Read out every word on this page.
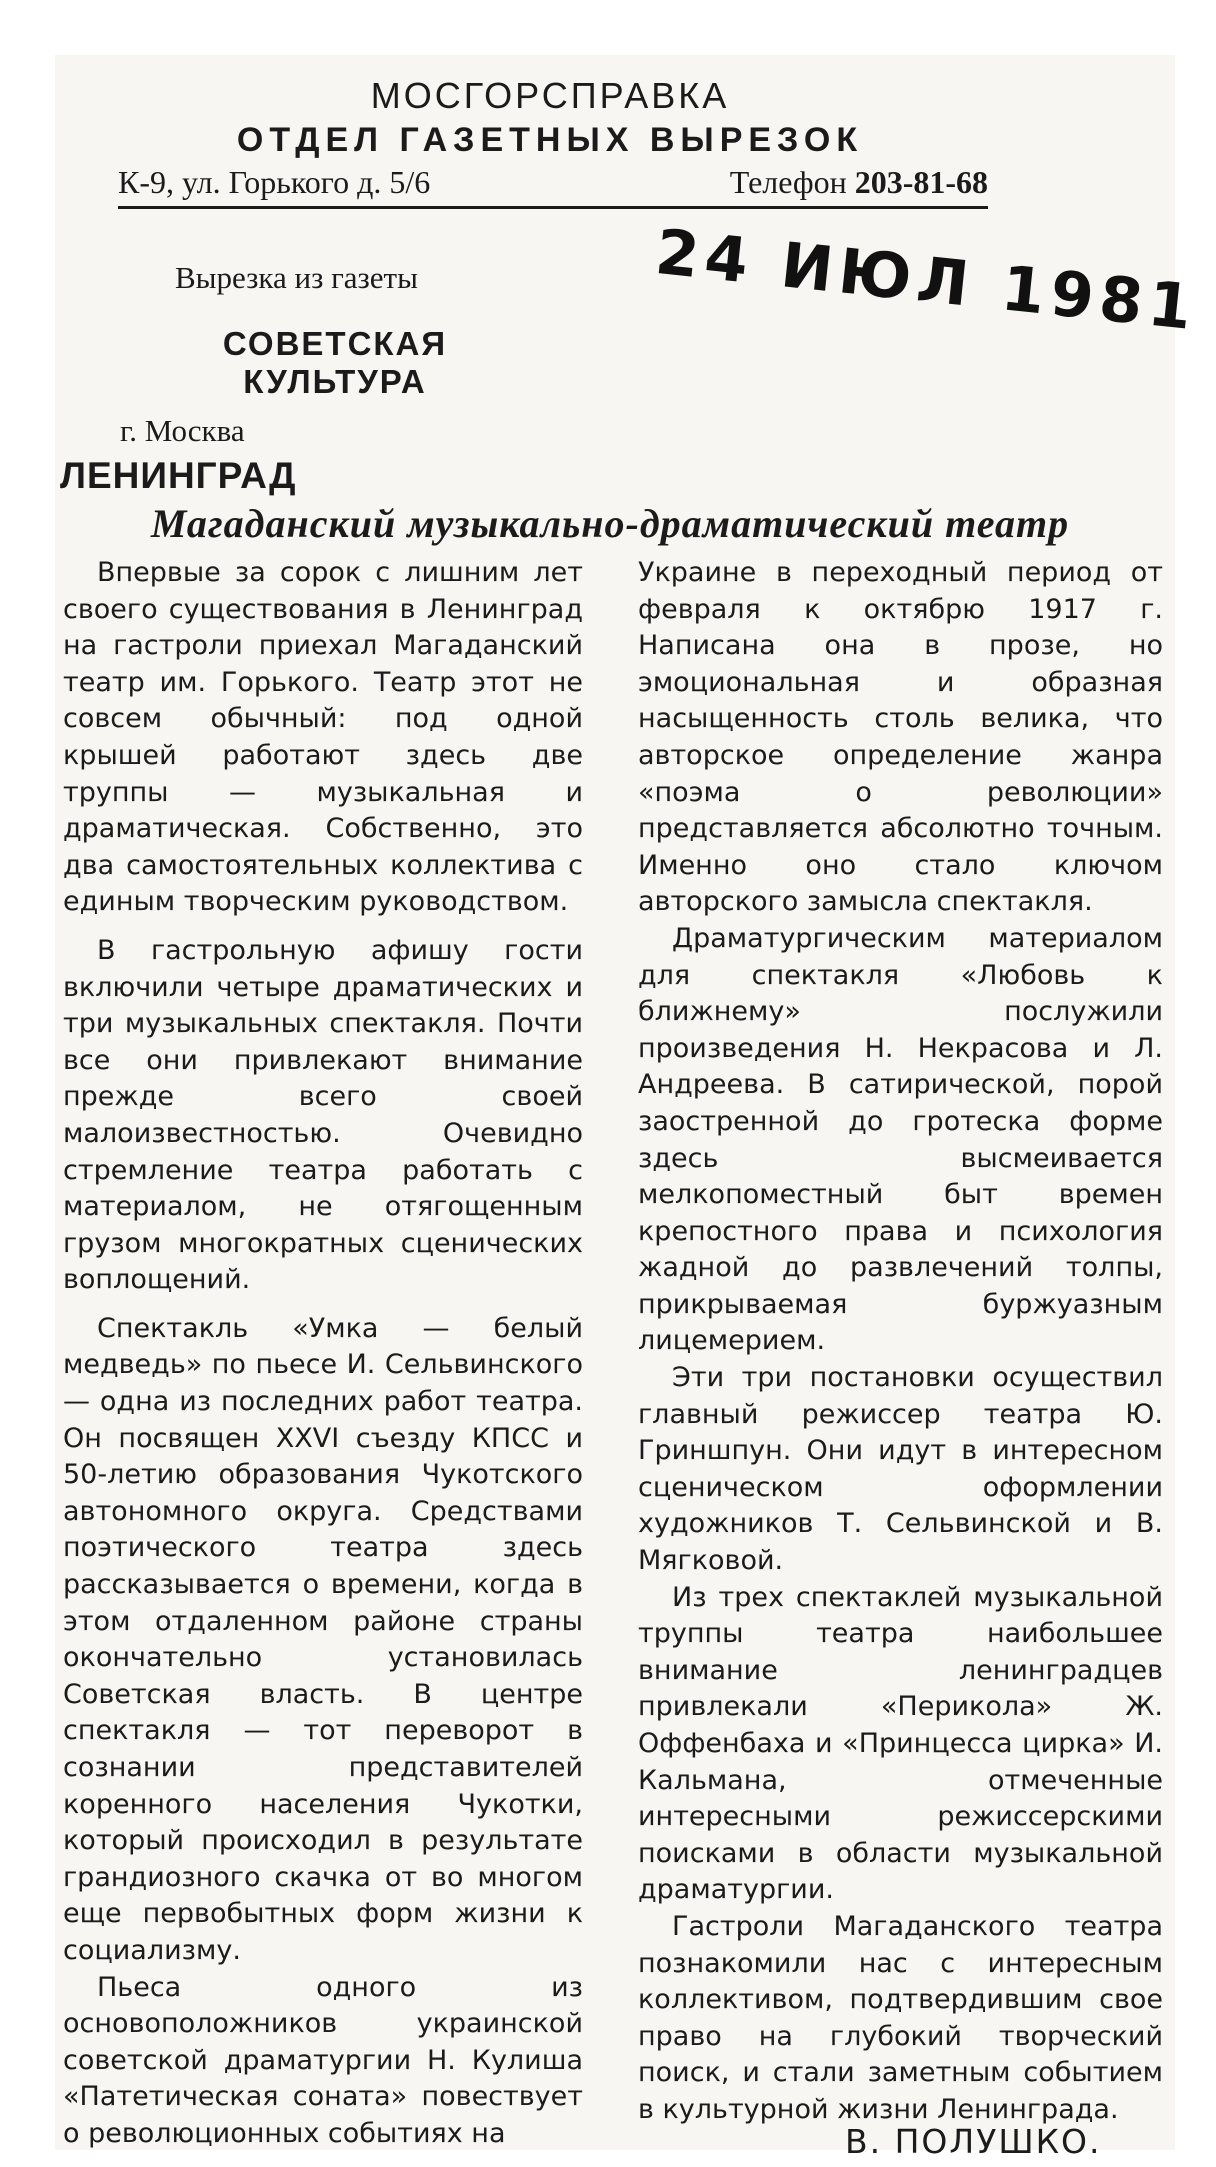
МОСГОРСПРАВКА

ОТДЕЛ ГАЗЕТНЫХ ВЫРЕЗОК

К-9, ул. Горького д. 5/6	Телефон 203-81-68
24 ИЮЛ 1981
Вырезка из газеты
СОВЕТСКАЯ КУЛЬТУРА
г. Москва
ЛЕНИНГРАД
Магаданский музыкально-драматический театр

Впервые за сорок с лишним лет своего существования в Ленинград на гастроли приехал Магаданский театр им. Горького. Театр этот не совсем обычный: под одной крышей работают здесь две труппы — музыкальная и драматическая. Собственно, это два самостоятельных коллектива с единым творческим руководством.

В гастрольную афишу гости включили четыре драматических и три музыкальных спектакля. Почти все они привлекают внимание прежде всего своей малоизвестностью. Очевидно стремление театра работать с материалом, не отягощенным грузом многократных сценических воплощений.

Спектакль «Умка — белый медведь» по пьесе И. Сельвинского — одна из последних работ театра. Он посвящен XXVI съезду КПСС и 50-летию образования Чукотского автономного округа. Средствами поэтического театра здесь рассказывается о времени, когда в этом отдаленном районе страны окончательно установилась Советская власть. В центре спектакля — тот переворот в сознании представителей коренного населения Чукотки, который происходил в результате грандиозного скачка от во многом еще первобытных форм жизни к социализму.

Пьеса одного из основоположников украинской советской драматургии Н. Кулиша «Патетическая соната» повествует о революционных событиях на

Украине в переходный период от февраля к октябрю 1917 г. Написана она в прозе, но эмоциональная и образная насыщенность столь велика, что авторское определение жанра «поэма о революции» представляется абсолютно точным. Именно оно стало ключом авторского замысла спектакля.

Драматургическим материалом для спектакля «Любовь к ближнему» послужили произведения Н. Некрасова и Л. Андреева. В сатирической, порой заостренной до гротеска форме здесь высмеивается мелкопоместный быт времен крепостного права и психология жадной до развлечений толпы, прикрываемая буржуазным лицемерием.

Эти три постановки осуществил главный режиссер театра Ю. Гриншпун. Они идут в интересном сценическом оформлении художников Т. Сельвинской и В. Мягковой.

Из трех спектаклей музыкальной труппы театра наибольшее внимание ленинградцев привлекали «Перикола» Ж. Оффенбаха и «Принцесса цирка» И. Кальмана, отмеченные интересными режиссерскими поисками в области музыкальной драматургии.

Гастроли Магаданского театра познакомили нас с интересным коллективом, подтвердившим свое право на глубокий творческий поиск, и стали заметным событием в культурной жизни Ленинграда.

В. ПОЛУШКО.
